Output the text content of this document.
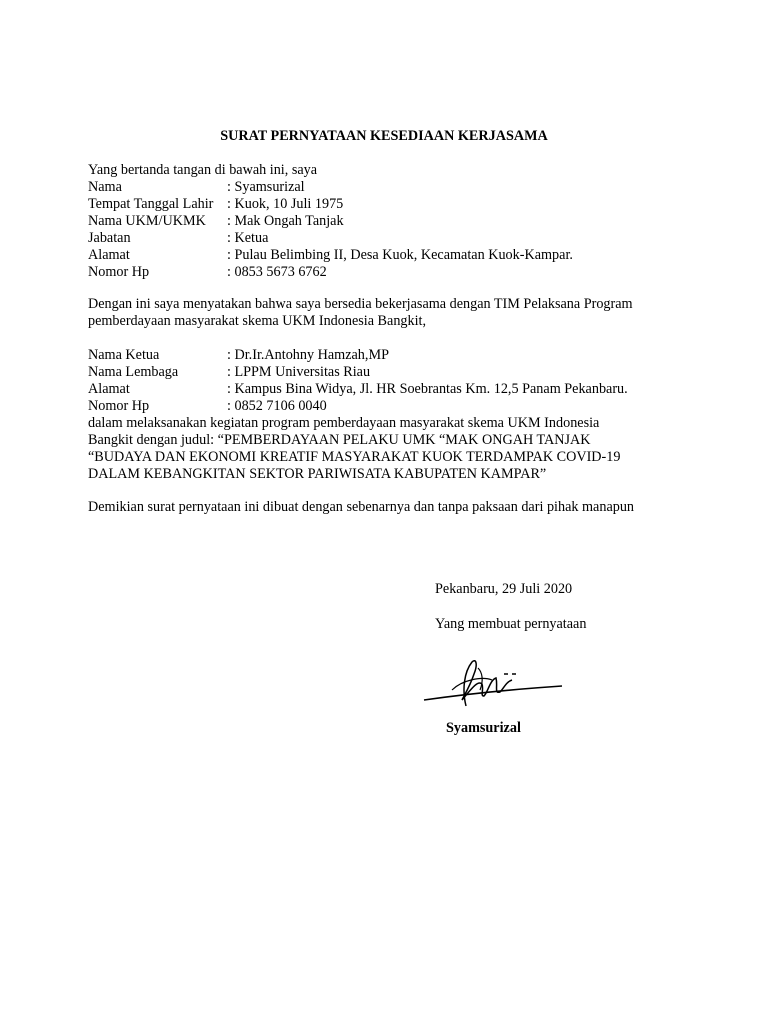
SURAT PERNYATAAN KESEDIAAN KERJASAMA
Yang bertanda tangan di bawah ini, saya
Nama	: Syamsurizal
Tempat Tanggal Lahir : Kuok, 10 Juli 1975
Nama UKM/UKMK	: Mak Ongah Tanjak
Jabatan	: Ketua
Alamat	: Pulau Belimbing II, Desa Kuok, Kecamatan Kuok-Kampar.
Nomor Hp	: 0853 5673 6762
Dengan ini saya menyatakan bahwa saya bersedia bekerjasama dengan TIM Pelaksana Program
pemberdayaan masyarakat skema UKM Indonesia Bangkit,
Nama Ketua	: Dr.Ir.Antohny Hamzah,MP
Nama Lembaga	: LPPM Universitas Riau
Alamat	: Kampus Bina Widya, Jl. HR Soebrantas Km. 12,5 Panam Pekanbaru.
Nomor Hp	: 0852 7106 0040
dalam melaksanakan kegiatan program pemberdayaan masyarakat skema UKM Indonesia
Bangkit dengan judul: “PEMBERDAYAAN PELAKU UMK “MAK ONGAH TANJAK
“BUDAYA DAN EKONOMI KREATIF MASYARAKAT KUOK TERDAMPAK COVID-19
DALAM KEBANGKITAN SEKTOR PARIWISATA KABUPATEN KAMPAR”
Demikian surat pernyataan ini dibuat dengan sebenarnya dan tanpa paksaan dari pihak manapun
Pekanbaru, 29 Juli 2020
Yang membuat pernyataan
Syamsurizal
